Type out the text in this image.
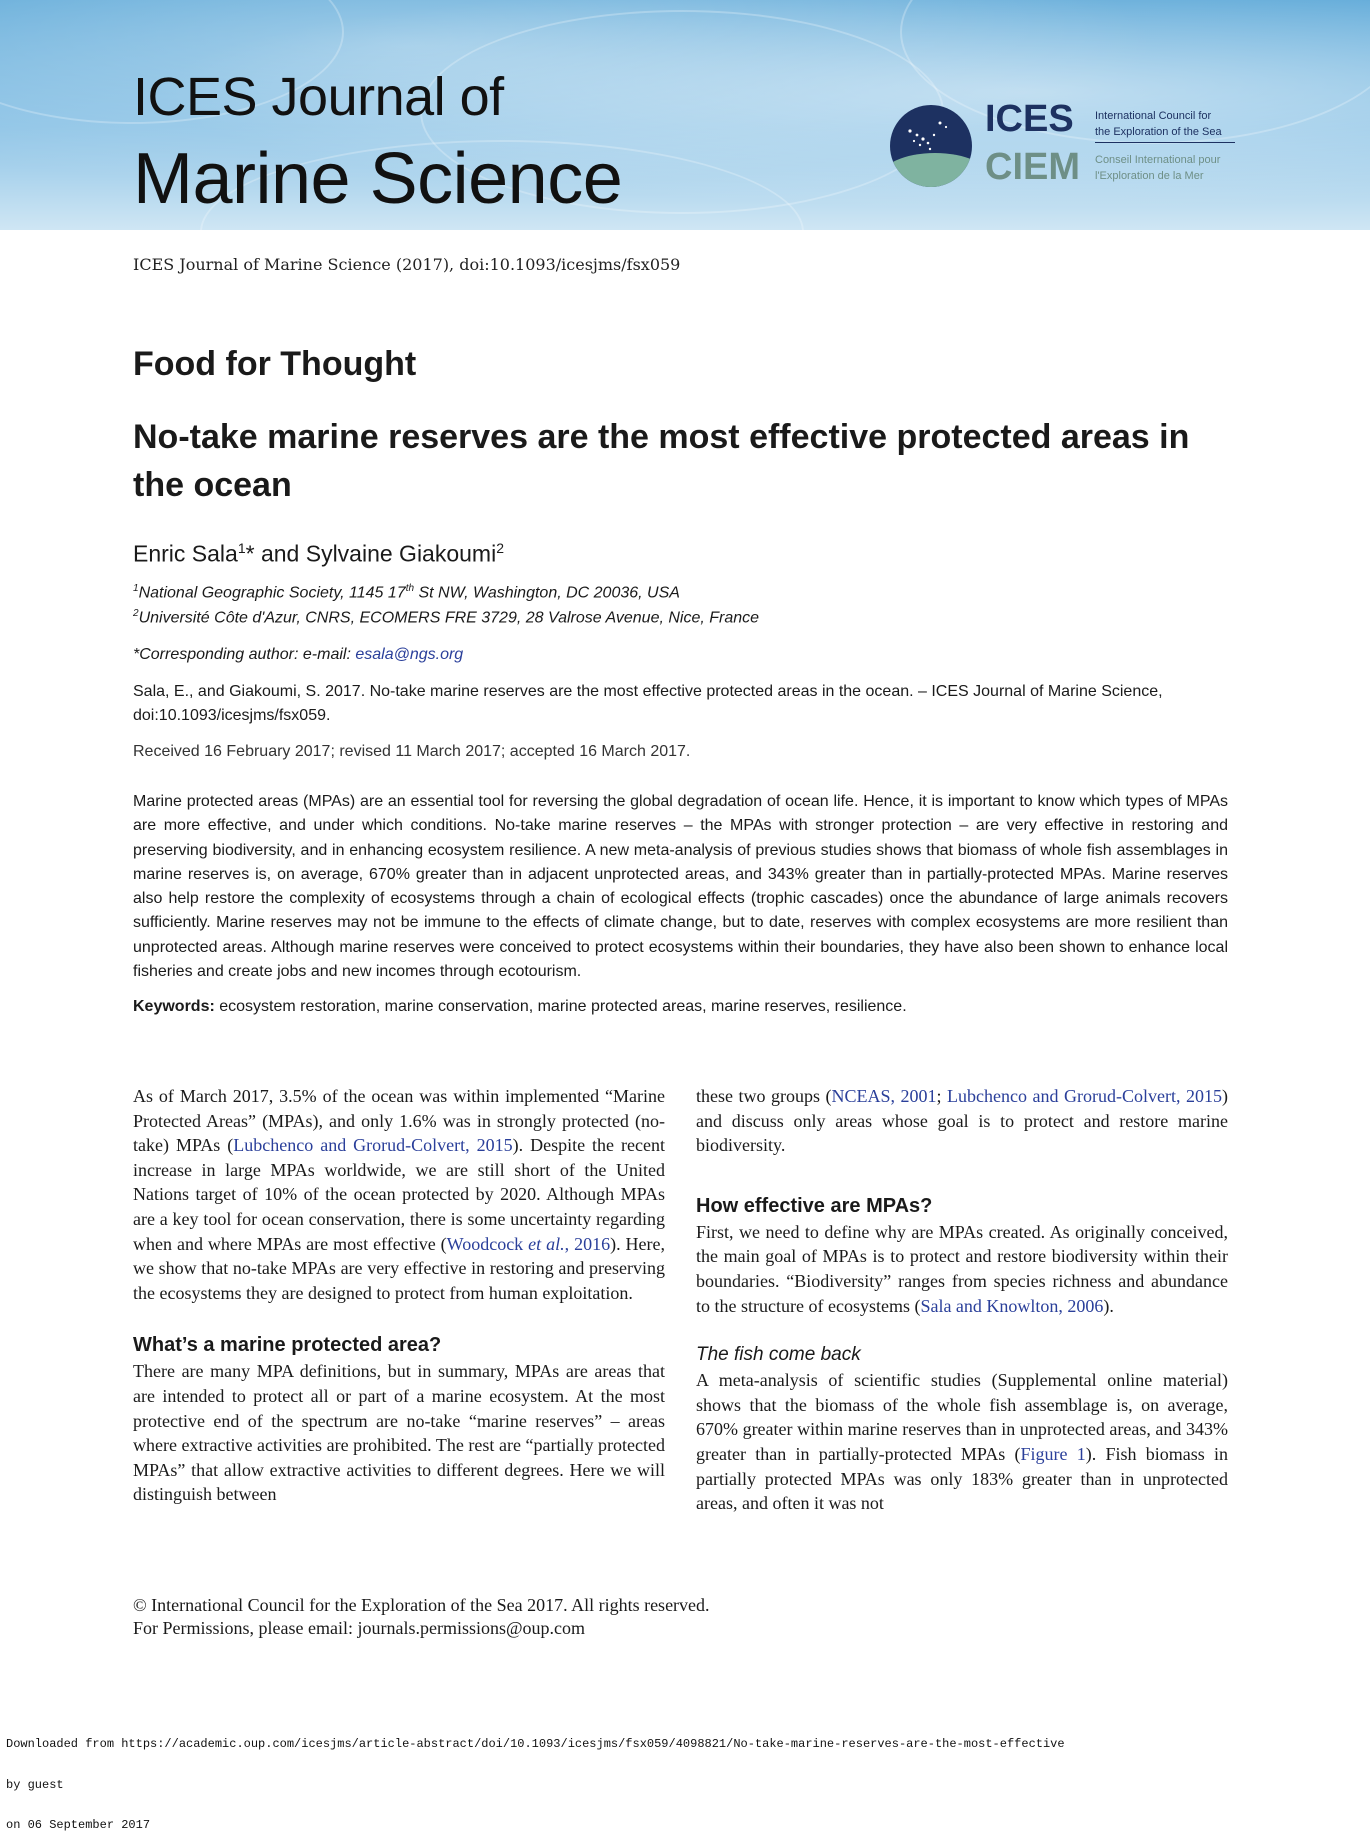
ICES Journal of
Marine Science
ICES
CIEM
International Council for
the Exploration of the Sea
Conseil International pour
l'Exploration de la Mer
ICES Journal of Marine Science (2017), doi:10.1093/icesjms/fsx059
Food for Thought
No-take marine reserves are the most effective protected areas in the ocean
Enric Sala$^1$* and Sylvaine Giakoumi$^2$
$^1$National Geographic Society, 1145 17th St NW, Washington, DC 20036, USA
$^2$Université Côte d'Azur, CNRS, ECOMERS FRE 3729, 28 Valrose Avenue, Nice, France
*Corresponding author: e-mail: esala@ngs.org
Sala, E., and Giakoumi, S. 2017. No-take marine reserves are the most effective protected areas in the ocean. – ICES Journal of Marine Science, doi:10.1093/icesjms/fsx059.
Received 16 February 2017; revised 11 March 2017; accepted 16 March 2017.
Marine protected areas (MPAs) are an essential tool for reversing the global degradation of ocean life. Hence, it is important to know which types of MPAs are more effective, and under which conditions. No-take marine reserves – the MPAs with stronger protection – are very effective in restoring and preserving biodiversity, and in enhancing ecosystem resilience. A new meta-analysis of previous studies shows that biomass of whole fish assemblages in marine reserves is, on average, 670% greater than in adjacent unprotected areas, and 343% greater than in partially-protected MPAs. Marine reserves also help restore the complexity of ecosystems through a chain of ecological effects (trophic cascades) once the abundance of large animals recovers sufficiently. Marine reserves may not be immune to the effects of climate change, but to date, reserves with complex ecosystems are more resilient than unprotected areas. Although marine reserves were conceived to protect ecosystems within their boundaries, they have also been shown to enhance local fisheries and create jobs and new incomes through ecotourism.
Keywords: ecosystem restoration, marine conservation, marine protected areas, marine reserves, resilience.

As of March 2017, 3.5% of the ocean was within implemented “Marine Protected Areas” (MPAs), and only 1.6% was in strongly protected (no-take) MPAs (Lubchenco and Grorud-Colvert, 2015). Despite the recent increase in large MPAs worldwide, we are still short of the United Nations target of 10% of the ocean protected by 2020. Although MPAs are a key tool for ocean conservation, there is some uncertainty regarding when and where MPAs are most effective (Woodcock et al., 2016). Here, we show that no-take MPAs are very effective in restoring and preserving the ecosystems they are designed to protect from human exploitation.

What’s a marine protected area?

There are many MPA definitions, but in summary, MPAs are areas that are intended to protect all or part of a marine ecosystem. At the most protective end of the spectrum are no-take “marine reserves” – areas where extractive activities are prohibited. The rest are “partially protected MPAs” that allow extractive activities to different degrees. Here we will distinguish between

these two groups (NCEAS, 2001; Lubchenco and Grorud-Colvert, 2015) and discuss only areas whose goal is to protect and restore marine biodiversity.

How effective are MPAs?

First, we need to define why are MPAs created. As originally conceived, the main goal of MPAs is to protect and restore biodiversity within their boundaries. “Biodiversity” ranges from species richness and abundance to the structure of ecosystems (Sala and Knowlton, 2006).

The fish come back

A meta-analysis of scientific studies (Supplemental online material) shows that the biomass of the whole fish assemblage is, on average, 670% greater within marine reserves than in unprotected areas, and 343% greater than in partially-protected MPAs (Figure 1). Fish biomass in partially protected MPAs was only 183% greater than in unprotected areas, and often it was not

© International Council for the Exploration of the Sea 2017. All rights reserved.
For Permissions, please email: journals.permissions@oup.com

Downloaded from https://academic.oup.com/icesjms/article-abstract/doi/10.1093/icesjms/fsx059/4098821/No-take-marine-reserves-are-the-most-effective

by guest

on 06 September 2017
